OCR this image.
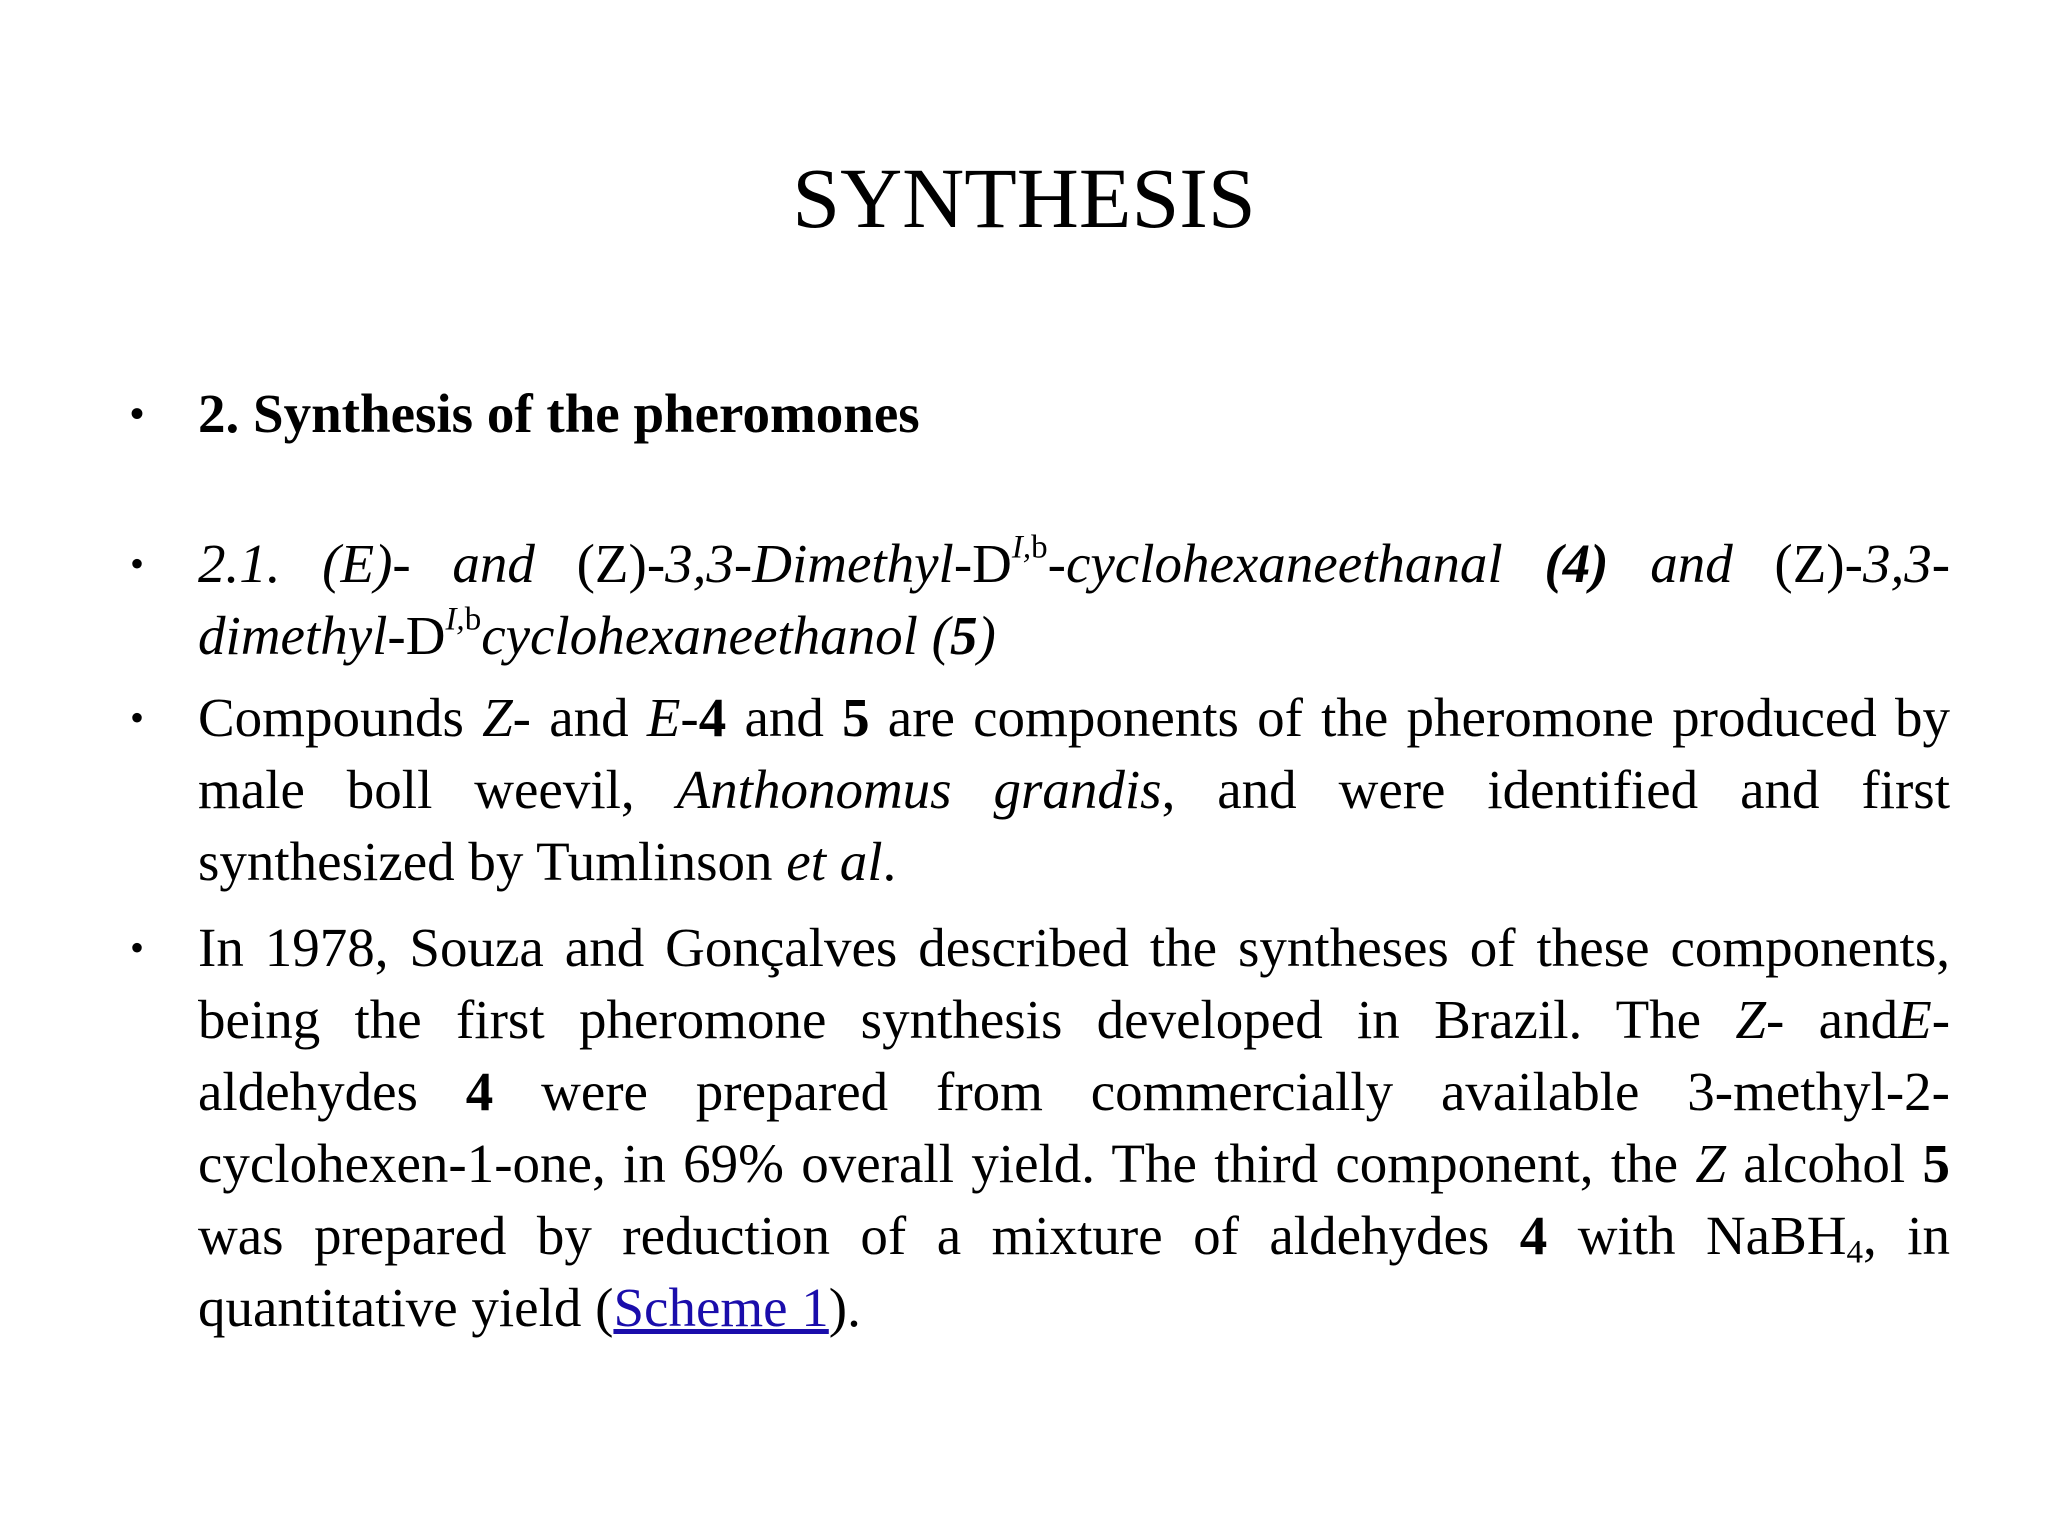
SYNTHESIS
• 2. Synthesis of the pheromones
• 2.1. (E)- and $(Z)-3,3-Dimethyl-D^{I,b}$-cyclohexaneethanal (4) and $(Z)-3,3-dimethyl-D^{I,b}cyclohexaneethanol$ (5)
• Compounds Z- and E-4 and 5 are components of the pheromone produced by male boll weevil, Anthonomus grandis, and were identified and first synthesized by Tumlinson et al.
• In 1978, Souza and Gonçalves described the syntheses of these components, being the first pheromone synthesis developed in Brazil. The Z- andE-aldehydes 4 were prepared from commercially available 3-methyl-2-cyclohexen-1-one, in 69% overall yield. The third component, the Z alcohol 5 was prepared by reduction of a mixture of aldehydes 4 with NaBH$_4$, in quantitative yield (Scheme 1).
